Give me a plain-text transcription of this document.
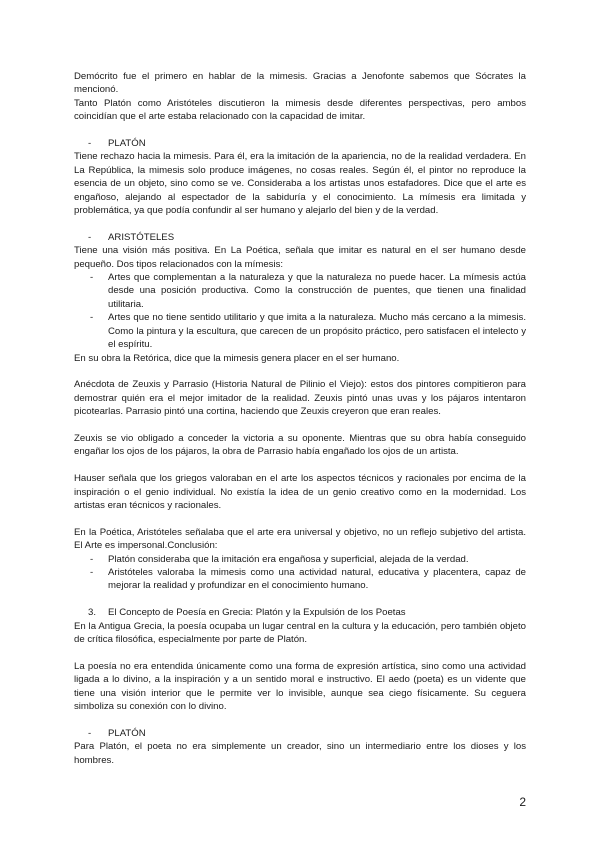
Demócrito fue el primero en hablar de la mimesis. Gracias a Jenofonte sabemos que Sócrates la mencionó.

Tanto Platón como Aristóteles discutieron la mimesis desde diferentes perspectivas, pero ambos coincidían que el arte estaba relacionado con la capacidad de imitar.

- PLATÓN

Tiene rechazo hacia la mimesis. Para él, era la imitación de la apariencia, no de la realidad verdadera. En La República, la mimesis solo produce imágenes, no cosas reales. Según él, el pintor no reproduce la esencia de un objeto, sino como se ve. Consideraba a los artistas unos estafadores. Dice que el arte es engañoso, alejando al espectador de la sabiduría y el conocimiento. La mímesis era limitada y problemática, ya que podía confundir al ser humano y alejarlo del bien y de la verdad.

- ARISTÓTELES

Tiene una visión más positiva. En La Poética, señala que imitar es natural en el ser humano desde pequeño. Dos tipos relacionados con la mímesis:

- Artes que complementan a la naturaleza y que la naturaleza no puede hacer. La mímesis actúa desde una posición productiva. Como la construcción de puentes, que tienen una finalidad utilitaria.

- Artes que no tiene sentido utilitario y que imita a la naturaleza. Mucho más cercano a la mimesis. Como la pintura y la escultura, que carecen de un propósito práctico, pero satisfacen el intelecto y el espíritu.

En su obra la Retórica, dice que la mimesis genera placer en el ser humano.

Anécdota de Zeuxis y Parrasio (Historia Natural de Pilinio el Viejo): estos dos pintores compitieron para demostrar quién era el mejor imitador de la realidad. Zeuxis pintó unas uvas y los pájaros intentaron picotearlas. Parrasio pintó una cortina, haciendo que Zeuxis creyeron que eran reales.

Zeuxis se vio obligado a conceder la victoria a su oponente. Mientras que su obra había conseguido engañar los ojos de los pájaros, la obra de Parrasio había engañado los ojos de un artista.

Hauser señala que los griegos valoraban en el arte los aspectos técnicos y racionales por encima de la inspiración o el genio individual. No existía la idea de un genio creativo como en la modernidad. Los artistas eran técnicos y racionales.

En la Poética, Aristóteles señalaba que el arte era universal y objetivo, no un reflejo subjetivo del artista. El Arte es impersonal.Conclusión:

- Platón consideraba que la imitación era engañosa y superficial, alejada de la verdad.

- Aristóteles valoraba la mimesis como una actividad natural, educativa y placentera, capaz de mejorar la realidad y profundizar en el conocimiento humano.

3. El Concepto de Poesía en Grecia: Platón y la Expulsión de los Poetas

En la Antigua Grecia, la poesía ocupaba un lugar central en la cultura y la educación, pero también objeto de crítica filosófica, especialmente por parte de Platón.

La poesía no era entendida únicamente como una forma de expresión artística, sino como una actividad ligada a lo divino, a la inspiración y a un sentido moral e instructivo. El aedo (poeta) es un vidente que tiene una visión interior que le permite ver lo invisible, aunque sea ciego físicamente. Su ceguera simboliza su conexión con lo divino.

- PLATÓN

Para Platón, el poeta no era simplemente un creador, sino un intermediario entre los dioses y los hombres.

2
